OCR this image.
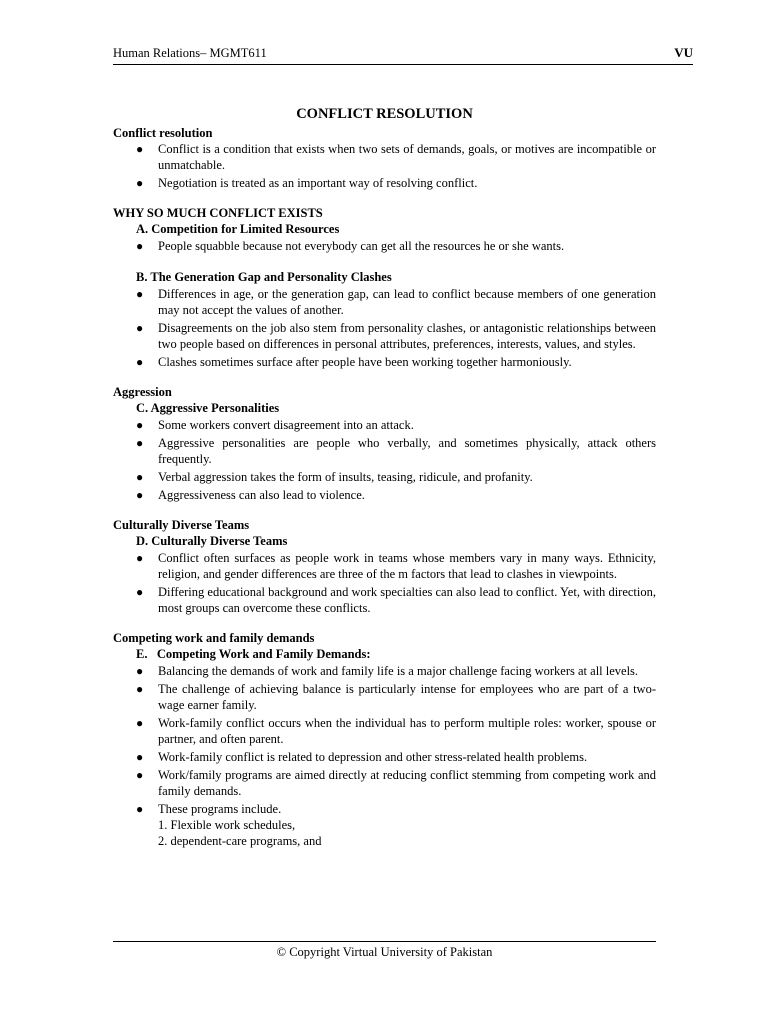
Human Relations– MGMT611	VU
CONFLICT RESOLUTION
Conflict resolution
● Conflict is a condition that exists when two sets of demands, goals, or motives are incompatible or unmatchable.
● Negotiation is treated as an important way of resolving conflict.
WHY SO MUCH CONFLICT EXISTS
A. Competition for Limited Resources
● People squabble because not everybody can get all the resources he or she wants.
B. The Generation Gap and Personality Clashes
● Differences in age, or the generation gap, can lead to conflict because members of one generation may not accept the values of another.
● Disagreements on the job also stem from personality clashes, or antagonistic relationships between two people based on differences in personal attributes, preferences, interests, values, and styles.
● Clashes sometimes surface after people have been working together harmoniously.
Aggression
C. Aggressive Personalities
● Some workers convert disagreement into an attack.
● Aggressive personalities are people who verbally, and sometimes physically, attack others frequently.
● Verbal aggression takes the form of insults, teasing, ridicule, and profanity.
● Aggressiveness can also lead to violence.
Culturally Diverse Teams
D. Culturally Diverse Teams
● Conflict often surfaces as people work in teams whose members vary in many ways. Ethnicity, religion, and gender differences are three of the m factors that lead to clashes in viewpoints.
● Differing educational background and work specialties can also lead to conflict. Yet, with direction, most groups can overcome these conflicts.
Competing work and family demands
E.   Competing Work and Family Demands:
● Balancing the demands of work and family life is a major challenge facing workers at all levels.
● The challenge of achieving balance is particularly intense for employees who are part of a two-wage earner family.
● Work-family conflict occurs when the individual has to perform multiple roles: worker, spouse or partner, and often parent.
● Work-family conflict is related to depression and other stress-related health problems.
● Work/family programs are aimed directly at reducing conflict stemming from competing work and family demands.
● These programs include.
1. Flexible work schedules,
2. dependent-care programs, and
© Copyright Virtual University of Pakistan
